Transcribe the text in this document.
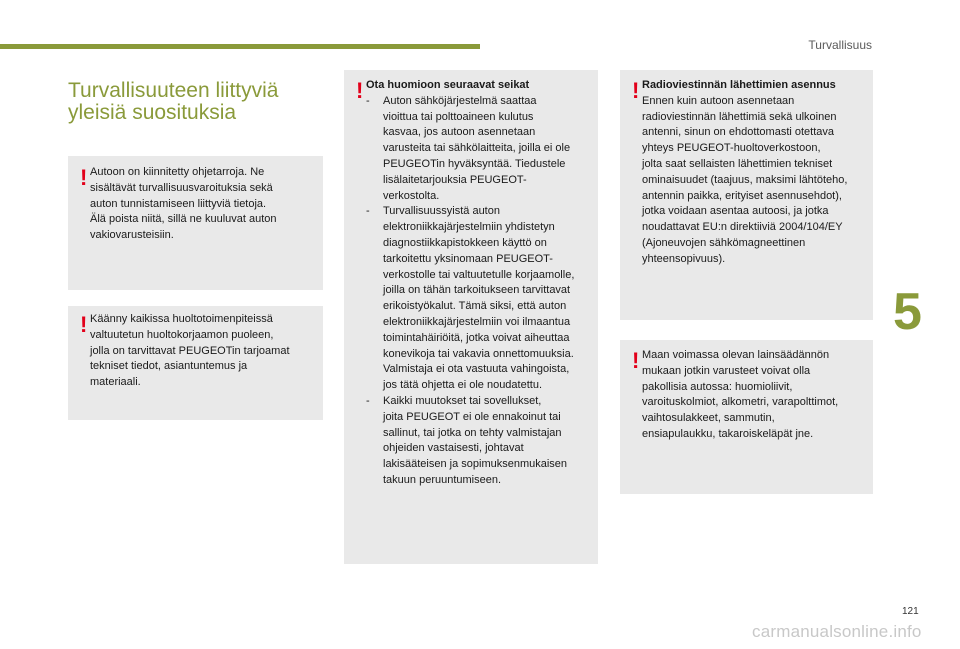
Turvallisuus
Turvallisuuteen liittyviä
yleisiä suosituksia
! Autoon on kiinnitetty ohjetarroja. Ne

sisältävät turvallisuusvaroituksia sekä

auton tunnistamiseen liittyviä tietoja.

Älä poista niitä, sillä ne kuuluvat auton

vakiovarusteisiin.

! Käänny kaikissa huoltotoimenpiteissä

valtuutetun huoltokorjaamon puoleen,

jolla on tarvittavat PEUGEOTin tarjoamat

tekniset tiedot, asiantuntemus ja

materiaali.

! Ota huomioon seuraavat seikat

- Auton sähköjärjestelmä saattaa
vioittua tai polttoaineen kulutus
kasvaa, jos autoon asennetaan
varusteita tai sähkölaitteita, joilla ei ole
PEUGEOTin hyväksyntää. Tiedustele
lisälaitetarjouksia PEUGEOT-
verkostolta.
- Turvallisuussyistä auton
elektroniikkajärjestelmiin yhdistetyn
diagnostiikkapistokkeen käyttö on
tarkoitettu yksinomaan PEUGEOT-
verkostolle tai valtuutetulle korjaamolle,
joilla on tähän tarkoitukseen tarvittavat
erikoistyökalut. Tämä siksi, että auton
elektroniikkajärjestelmiin voi ilmaantua
toimintahäiriöitä, jotka voivat aiheuttaa
konevikoja tai vakavia onnettomuuksia.
Valmistaja ei ota vastuuta vahingoista,
jos tätä ohjetta ei ole noudatettu.
- Kaikki muutokset tai sovellukset,
joita PEUGEOT ei ole ennakoinut tai
sallinut, tai jotka on tehty valmistajan
ohjeiden vastaisesti, johtavat
lakisääteisen ja sopimuksenmukaisen
takuun peruuntumiseen.
! Radioviestinnän lähettimien asennus

Ennen kuin autoon asennetaan

radioviestinnän lähettimiä sekä ulkoinen

antenni, sinun on ehdottomasti otettava

yhteys PEUGEOT-huoltoverkostoon,

jolta saat sellaisten lähettimien tekniset

ominaisuudet (taajuus, maksimi lähtöteho,

antennin paikka, erityiset asennusehdot),

jotka voidaan asentaa autoosi, ja jotka

noudattavat EU:n direktiiviä 2004/104/EY

(Ajoneuvojen sähkömagneettinen

yhteensopivuus).

! Maan voimassa olevan lainsäädännön

mukaan jotkin varusteet voivat olla

pakollisia autossa: huomioliivit,

varoituskolmiot, alkometri, varapolttimot,

vaihtosulakkeet, sammutin,

ensiapulaukku, takaroiskeläpät jne.

5
121
carmanualsonline.info
